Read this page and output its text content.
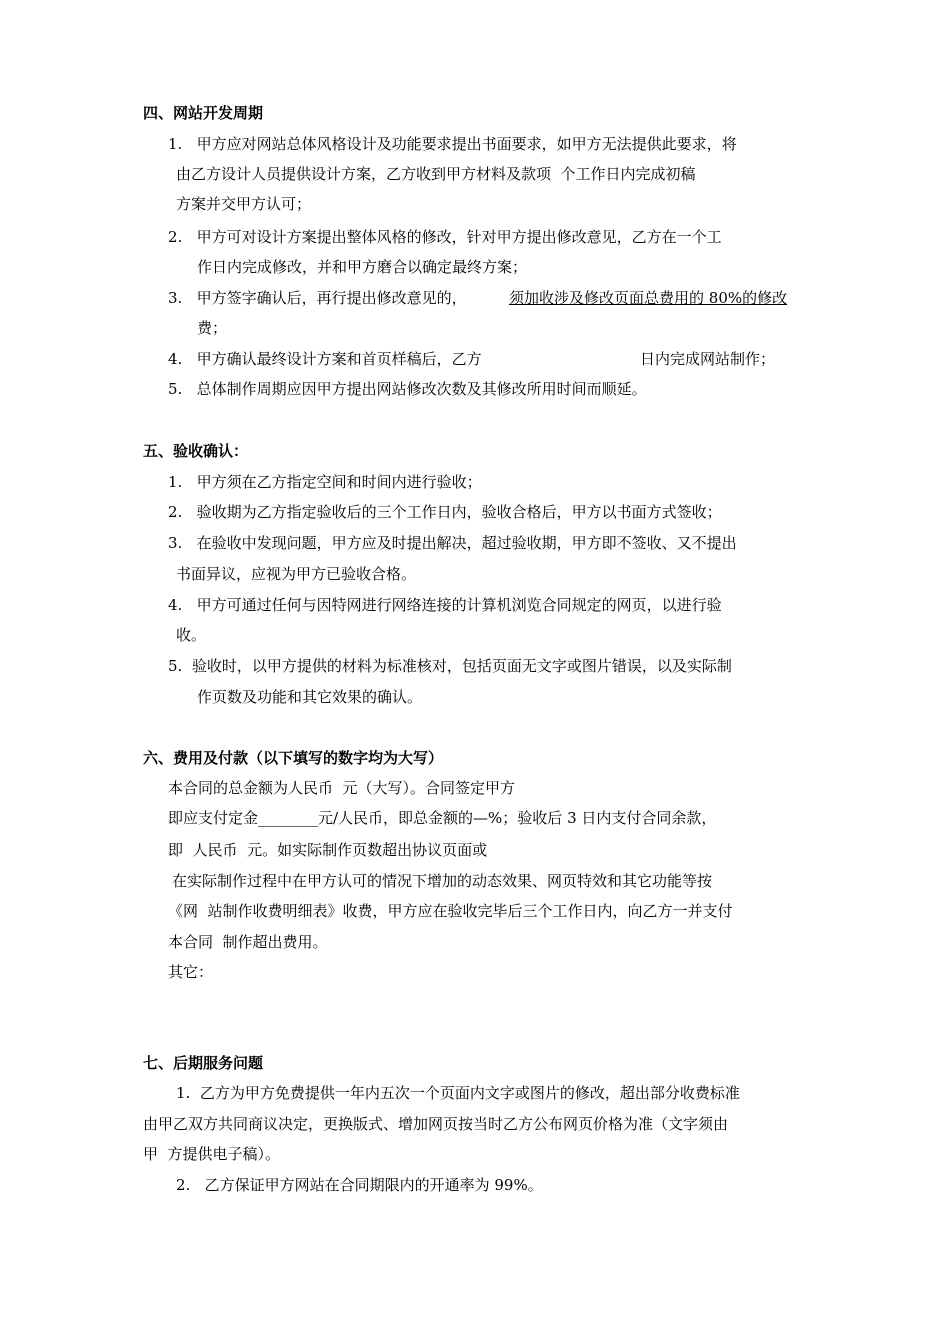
四、网站开发周期
1.   甲方应对网站总体风格设计及功能要求提出书面要求，如甲方无法提供此要求，将
由乙方设计人员提供设计方案，乙方收到甲方材料及款项  个工作日内完成初稿
方案并交甲方认可；
2.   甲方可对设计方案提出整体风格的修改，针对甲方提出修改意见，乙方在一个工
作日内完成修改，并和甲方磨合以确定最终方案；
3.   甲方签字确认后，再行提出修改意见的，	须加收涉及修改页面总费用的 80%的修改
费；
4.   甲方确认最终设计方案和首页样稿后，乙方	日内完成网站制作；
5.   总体制作周期应因甲方提出网站修改次数及其修改所用时间而顺延。
五、验收确认：
1.   甲方须在乙方指定空间和时间内进行验收；
2.   验收期为乙方指定验收后的三个工作日内，验收合格后，甲方以书面方式签收；
3.   在验收中发现问题，甲方应及时提出解决，超过验收期，甲方即不签收、又不提出
书面异议，应视为甲方已验收合格。
4.   甲方可通过任何与因特网进行网络连接的计算机浏览合同规定的网页，以进行验
收。
5.  验收时，以甲方提供的材料为标准核对，包括页面无文字或图片错误，以及实际制
作页数及功能和其它效果的确认。
六、费用及付款（以下填写的数字均为大写）
本合同的总金额为人民币  元（大写）。合同签定甲方
即应支付定金________元/人民币，即总金额的—%；验收后 3 日内支付合同余款，
即  人民币  元。如实际制作页数超出协议页面或
在实际制作过程中在甲方认可的情况下增加的动态效果、网页特效和其它功能等按
《网  站制作收费明细表》收费，甲方应在验收完毕后三个工作日内，向乙方一并支付
本合同  制作超出费用。
其它：
七、后期服务问题
1.  乙方为甲方免费提供一年内五次一个页面内文字或图片的修改，超出部分收费标准
由甲乙双方共同商议决定，更换版式、增加网页按当时乙方公布网页价格为准（文字须由
甲  方提供电子稿）。
2.   乙方保证甲方网站在合同期限内的开通率为 99%。
